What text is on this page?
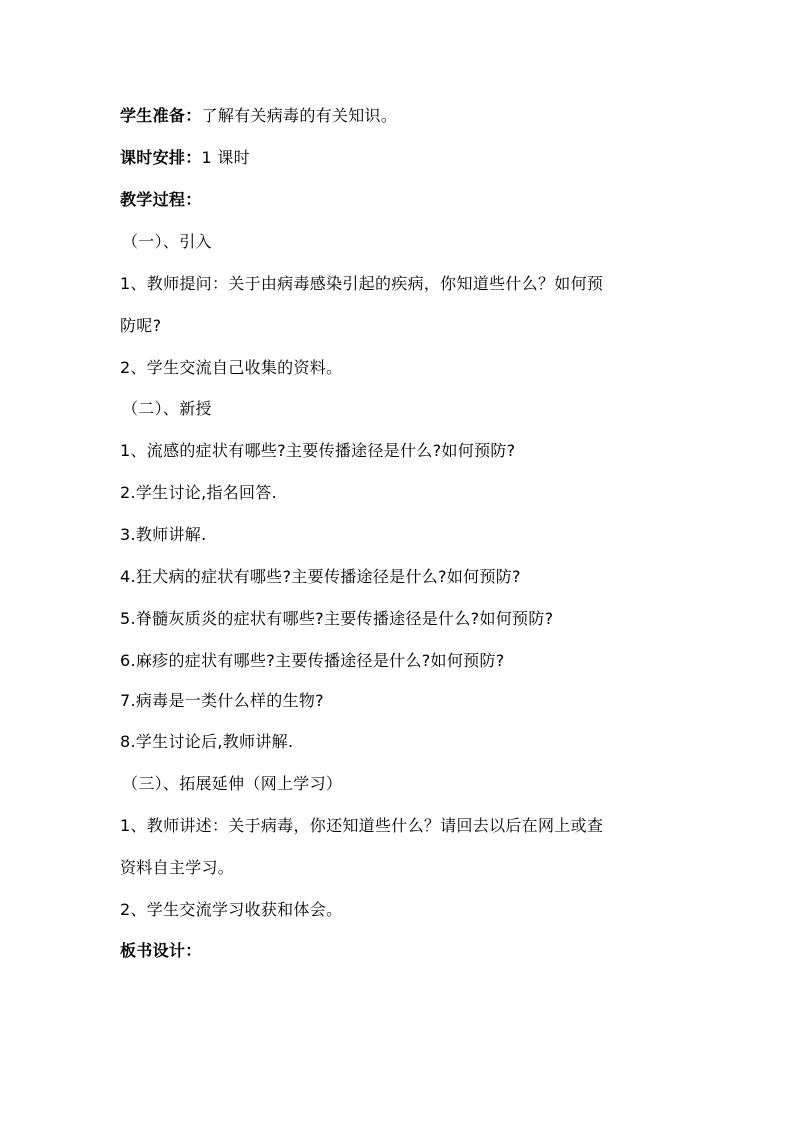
学生准备：了解有关病毒的有关知识。
课时安排：1 课时
教学过程：
（一）、引入
1、教师提问：关于由病毒感染引起的疾病，你知道些什么？如何预
防呢?
2、学生交流自己收集的资料。
（二）、新授
1、流感的症状有哪些?主要传播途径是什么?如何预防?
2.学生讨论,指名回答.
3.教师讲解.
4.狂犬病的症状有哪些?主要传播途径是什么?如何预防?
5.脊髓灰质炎的症状有哪些?主要传播途径是什么?如何预防?
6.麻疹的症状有哪些?主要传播途径是什么?如何预防?
7.病毒是一类什么样的生物?
8.学生讨论后,教师讲解.
（三）、拓展延伸（网上学习）
1、教师讲述：关于病毒，你还知道些什么？请回去以后在网上或查
资料自主学习。
2、学生交流学习收获和体会。
板书设计：
